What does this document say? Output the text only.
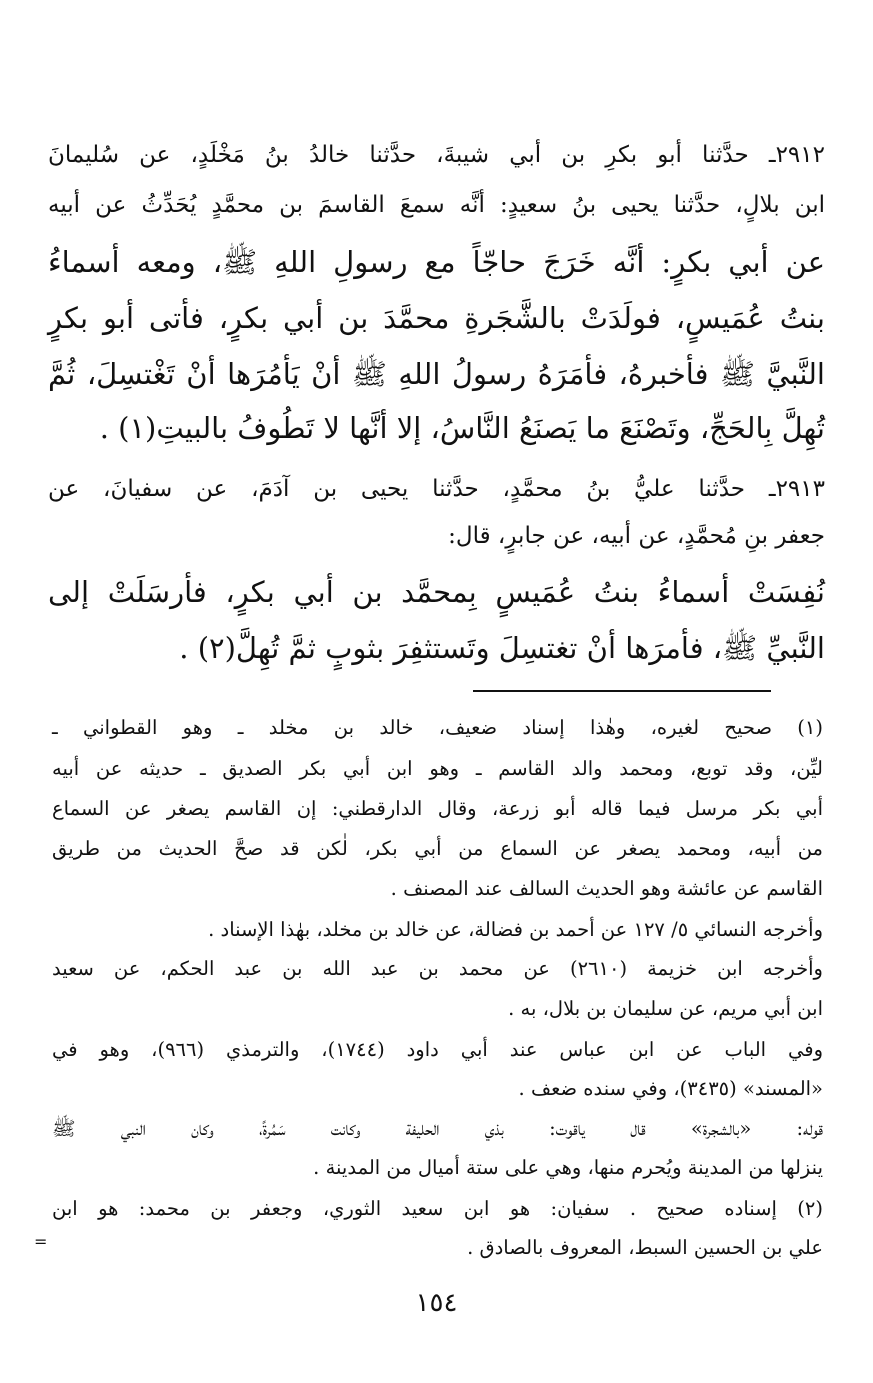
٢٩١٢ـ حدَّثنا أبو بكرِ بن أبي شيبةَ، حدَّثنا خالدُ بنُ مَخْلَدٍ، عن سُليمانَ
ابن بلالٍ، حدَّثنا يحيى بنُ سعيدٍ: أنَّه سمعَ القاسمَ بن محمَّدٍ يُحَدِّثُ عن أبيه
عن أبي بكرٍ: أنَّه خَرَجَ حاجّاً مع رسولِ اللهِ ﷺ، ومعه أسماءُ
بنتُ عُمَيسٍ، فولَدَتْ بالشَّجَرةِ محمَّدَ بن أبي بكرٍ، فأتى أبو بكرٍ
النَّبيَّ ﷺ فأخبرهُ، فأمَرَهُ رسولُ اللهِ ﷺ أنْ يَأمُرَها أنْ تَغْتسِلَ، ثُمَّ
تُهِلَّ بِالحَجِّ، وتَصْنَعَ ما يَصنَعُ النَّاسُ، إلا أنَّها لا تَطُوفُ بالبيتِ(١) .
٢٩١٣ـ حدَّثنا عليُّ بنُ محمَّدٍ، حدَّثنا يحيى بن آدَمَ، عن سفيانَ، عن
جعفر بنِ مُحمَّدٍ، عن أبيه، عن جابرٍ، قال:
نُفِسَتْ أسماءُ بنتُ عُمَيسٍ بِمحمَّد بن أبي بكرٍ، فأرسَلَتْ إلى
النَّبيِّ ﷺ، فأمرَها أنْ تغتسِلَ وتَستثفِرَ بثوبٍ ثمَّ تُهِلَّ(٢) .
(١) صحيح لغيره، وهٰذا إسناد ضعيف، خالد بن مخلد ـ وهو القطواني ـ
ليِّن، وقد توبع، ومحمد والد القاسم ـ وهو ابن أبي بكر الصديق ـ حديثه عن أبيه
أبي بكر مرسل فيما قاله أبو زرعة، وقال الدارقطني: إن القاسم يصغر عن السماع
من أبيه، ومحمد يصغر عن السماع من أبي بكر، لٰكن قد صحَّ الحديث من طريق
القاسم عن عائشة وهو الحديث السالف عند المصنف .
وأخرجه النسائي ٥/ ١٢٧ عن أحمد بن فضالة، عن خالد بن مخلد، بهٰذا الإسناد .
وأخرجه ابن خزيمة (٢٦١٠) عن محمد بن عبد الله بن عبد الحكم، عن سعيد
ابن أبي مريم، عن سليمان بن بلال، به .
وفي الباب عن ابن عباس عند أبي داود (١٧٤٤)، والترمذي (٩٦٦)، وهو في
«المسند» (٣٤٣٥)، وفي سنده ضعف .
قوله: «بالشجرة» قال ياقوت: بذي الحليفة وكانت سَمُرةً، وكان النبي ﷺ
ينزلها من المدينة ويُحرم منها، وهي على ستة أميال من المدينة .
(٢) إسناده صحيح . سفيان: هو ابن سعيد الثوري، وجعفر بن محمد: هو ابن
علي بن الحسين السبط، المعروف بالصادق .
=
١٥٤
